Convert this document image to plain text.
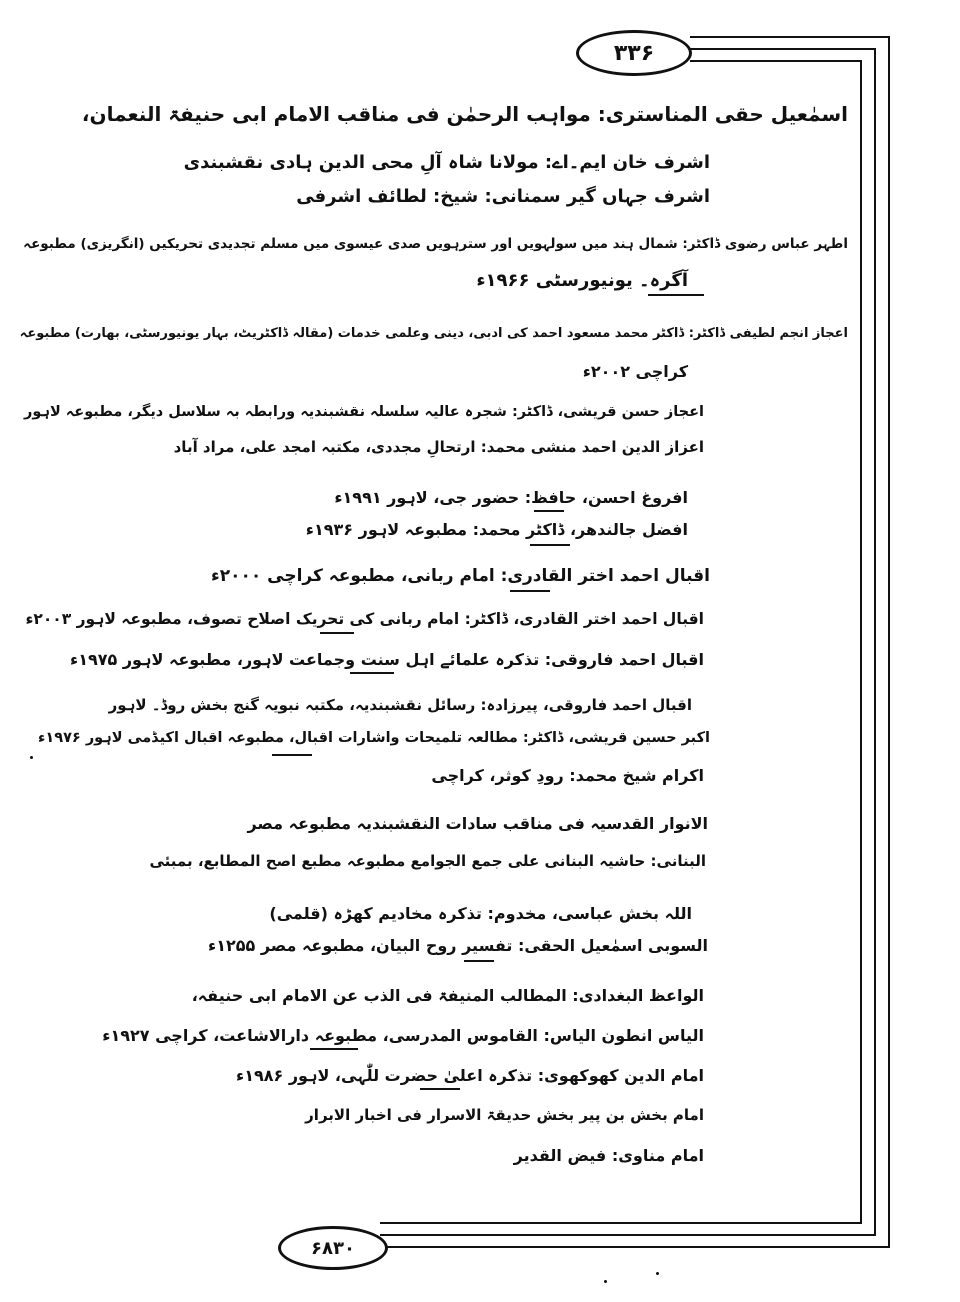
۳۳۶
۶۸۳۰
اسمٰعیل حقی المناستری: مواہب الرحمٰن فی مناقب الامام ابی حنیفۃ النعمان،
اشرف خان ایم۔اے: مولانا شاہ آلِ محی الدین ہادی نقشبندی
اشرف جہاں گیر سمنانی: شیخ: لطائف اشرفی
اطہر عباس رضوی ڈاکٹر: شمال ہند میں سولہویں اور سترہویں صدی عیسوی میں مسلم تجدیدی تحریکیں (انگریزی) مطبوعہ
آگرہ۔ یونیورسٹی ۱۹۶۶ء
اعجاز انجم لطیفی ڈاکٹر: ڈاکٹر محمد مسعود احمد کی ادبی، دینی وعلمی خدمات (مقالہ ڈاکٹریٹ، بہار یونیورسٹی، بھارت) مطبوعہ
کراچی ۲۰۰۲ء
اعجاز حسن قریشی، ڈاکٹر: شجرہ عالیہ سلسلہ نقشبندیہ ورابطہ بہ سلاسل دیگر، مطبوعہ لاہور
اعزاز الدین احمد منشی محمد: ارتحالِ مجددی، مکتبہ امجد علی، مراد آباد
افروغ احسن، حافظ: حضور جی، لاہور ۱۹۹۱ء
افضل جالندھر، ڈاکٹر محمد: مطبوعہ لاہور ۱۹۳۶ء
اقبال احمد اختر القادری: امام ربانی، مطبوعہ کراچی ۲۰۰۰ء
اقبال احمد اختر القادری، ڈاکٹر: امام ربانی کی تحریک اصلاح تصوف، مطبوعہ لاہور ۲۰۰۳ء
اقبال احمد فاروقی: تذکرہ علمائے اہل سنت وجماعت لاہور، مطبوعہ لاہور ۱۹۷۵ء
اقبال احمد فاروقی، پیرزادہ: رسائل نقشبندیہ، مکتبہ نبویہ گنج بخش روڈ۔ لاہور
اکبر حسین قریشی، ڈاکٹر: مطالعہ تلمیحات واشارات اقبال، مطبوعہ اقبال اکیڈمی لاہور ۱۹۷۶ء
اکرام شیخ محمد: رودِ کوثر، کراچی
الانوار القدسیہ فی مناقب سادات النقشبندیہ مطبوعہ مصر
البنانی: حاشیہ البنانی علی جمع الجوامع مطبوعہ مطبع اصح المطابع، بمبئی
اللہ بخش عباسی، مخدوم: تذکرہ مخادیم کھڑہ (قلمی)
السوبی اسمٰعیل الحقی: تفسیر روح البیان، مطبوعہ مصر ۱۲۵۵ء
الواعظ البغدادی: المطالب المنیفۃ فی الذب عن الامام ابی حنیفہ،
الیاس انطون الیاس: القاموس المدرسی، مطبوعہ دارالاشاعت، کراچی ۱۹۲۷ء
امام الدین کھوکھوی: تذکرہ اعلیٰ حضرت للّٰہی، لاہور ۱۹۸۶ء
امام بخش بن پیر بخش حدیقۃ الاسرار فی اخبار الابرار
امام مناوی: فیض القدیر
